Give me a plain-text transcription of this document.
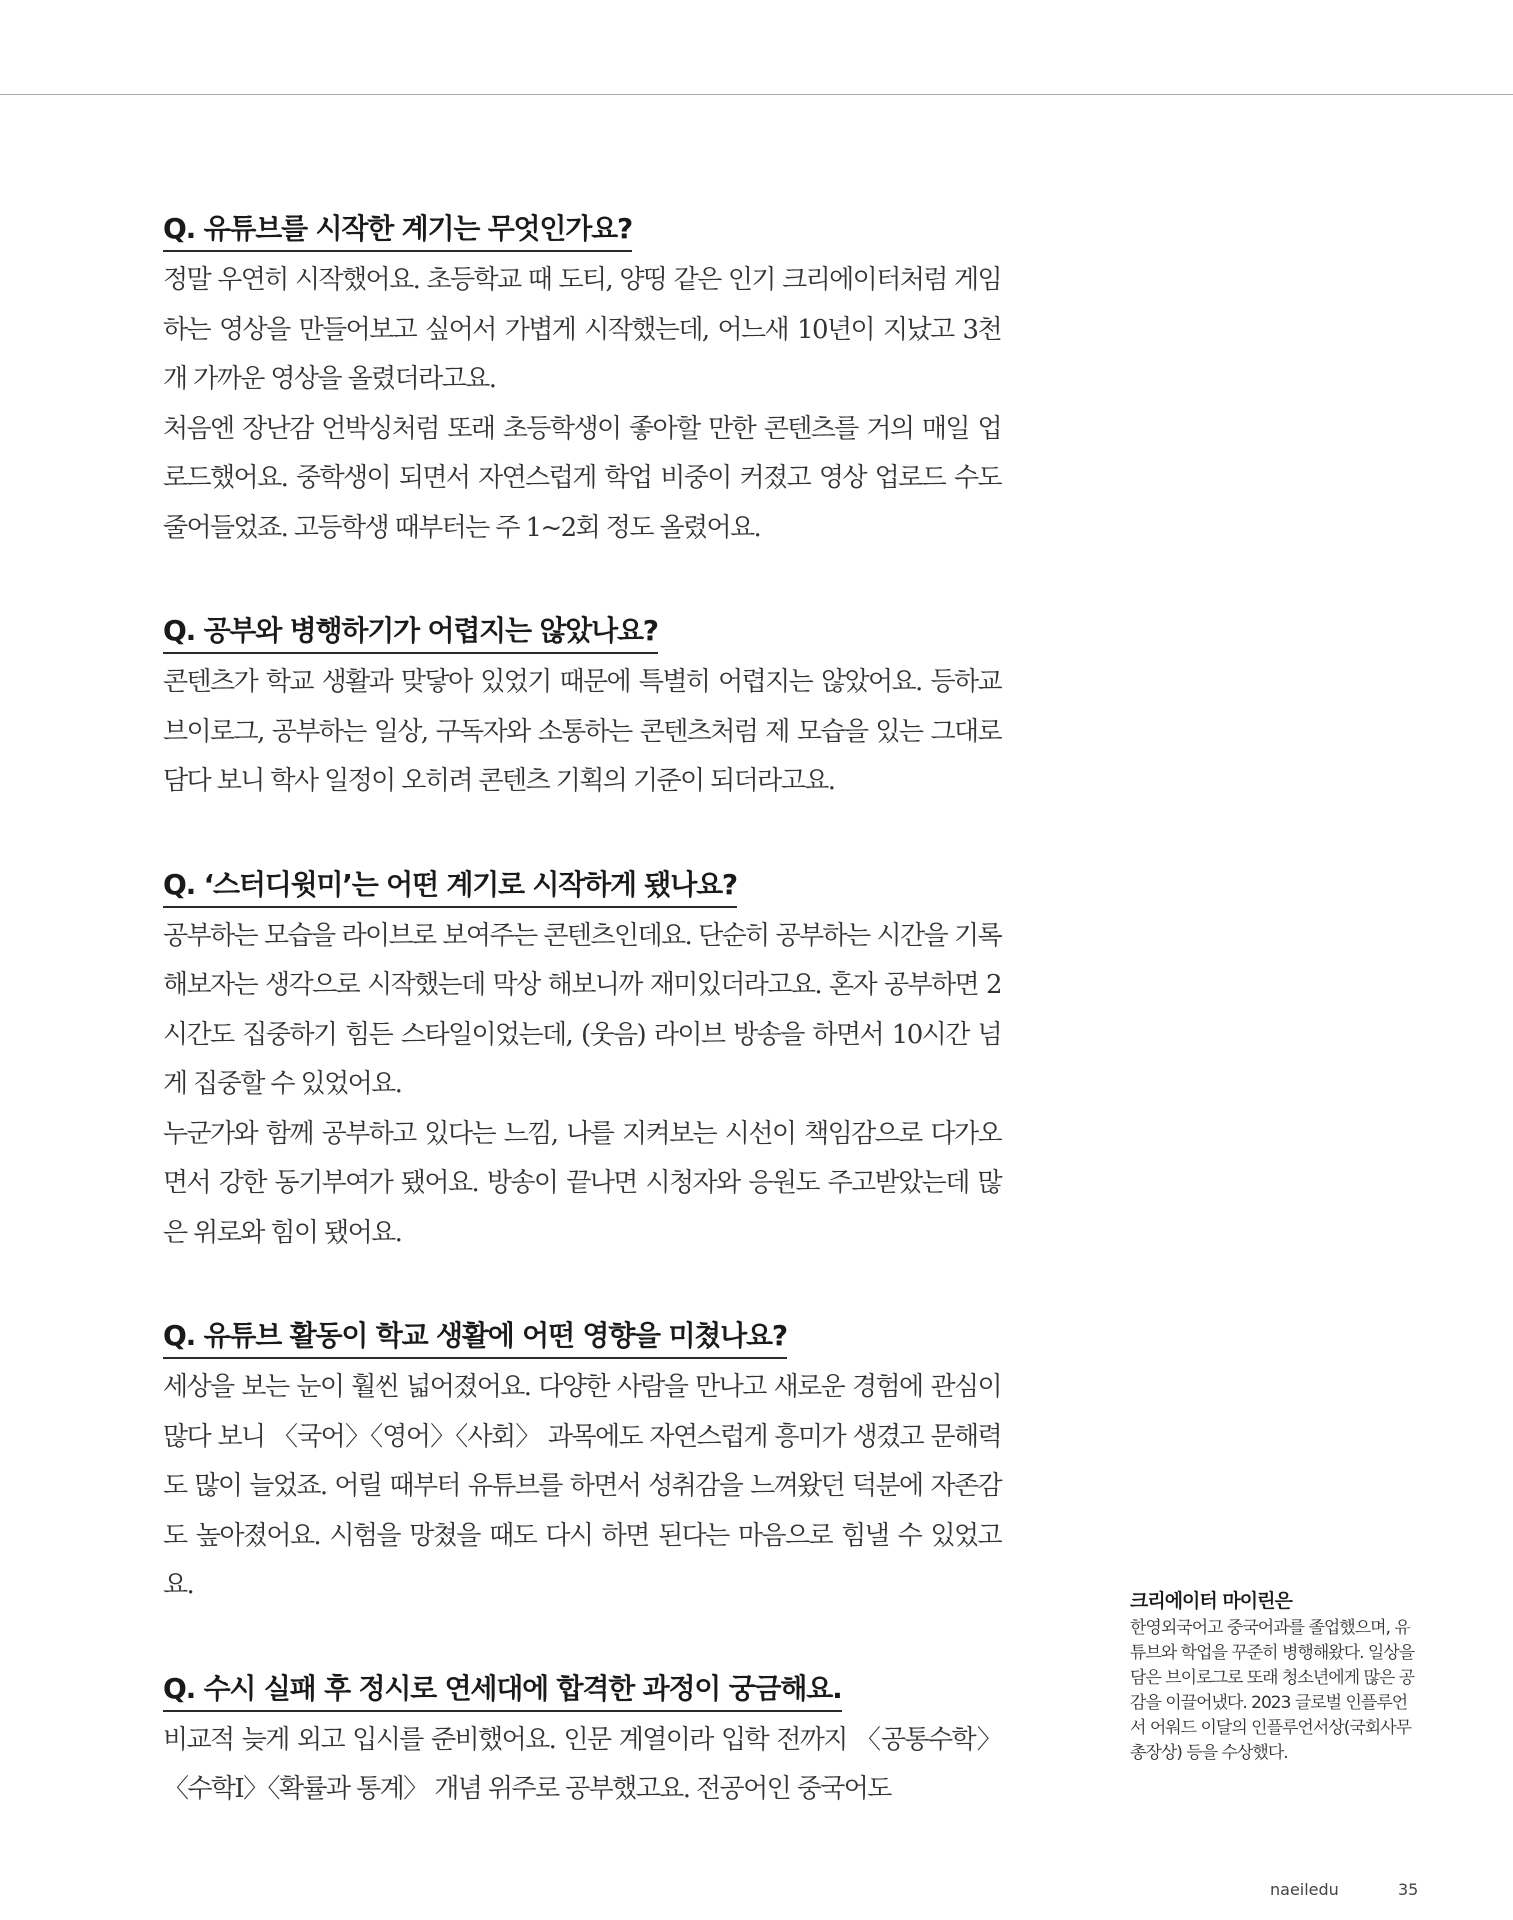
Q. 유튜브를 시작한 계기는 무엇인가요?

정말 우연히 시작했어요. 초등학교 때 도티, 양띵 같은 인기 크리에이터처럼 게임하는 영상을 만들어보고 싶어서 가볍게 시작했는데, 어느새 10년이 지났고 3천 개 가까운 영상을 올렸더라고요.

처음엔 장난감 언박싱처럼 또래 초등학생이 좋아할 만한 콘텐츠를 거의 매일 업로드했어요. 중학생이 되면서 자연스럽게 학업 비중이 커졌고 영상 업로드 수도 줄어들었죠. 고등학생 때부터는 주 1~2회 정도 올렸어요.

Q. 공부와 병행하기가 어렵지는 않았나요?

콘텐츠가 학교 생활과 맞닿아 있었기 때문에 특별히 어렵지는 않았어요. 등하교 브이로그, 공부하는 일상, 구독자와 소통하는 콘텐츠처럼 제 모습을 있는 그대로 담다 보니 학사 일정이 오히려 콘텐츠 기획의 기준이 되더라고요.

Q. ‘스터디윗미’는 어떤 계기로 시작하게 됐나요?

공부하는 모습을 라이브로 보여주는 콘텐츠인데요. 단순히 공부하는 시간을 기록해보자는 생각으로 시작했는데 막상 해보니까 재미있더라고요. 혼자 공부하면 2시간도 집중하기 힘든 스타일이었는데, (웃음) 라이브 방송을 하면서 10시간 넘게 집중할 수 있었어요.

누군가와 함께 공부하고 있다는 느낌, 나를 지켜보는 시선이 책임감으로 다가오면서 강한 동기부여가 됐어요. 방송이 끝나면 시청자와 응원도 주고받았는데 많은 위로와 힘이 됐어요.

Q. 유튜브 활동이 학교 생활에 어떤 영향을 미쳤나요?

세상을 보는 눈이 훨씬 넓어졌어요. 다양한 사람을 만나고 새로운 경험에 관심이 많다 보니 〈국어〉〈영어〉〈사회〉 과목에도 자연스럽게 흥미가 생겼고 문해력도 많이 늘었죠. 어릴 때부터 유튜브를 하면서 성취감을 느껴왔던 덕분에 자존감도 높아졌어요. 시험을 망쳤을 때도 다시 하면 된다는 마음으로 힘낼 수 있었고요.

Q. 수시 실패 후 정시로 연세대에 합격한 과정이 궁금해요.

비교적 늦게 외고 입시를 준비했어요. 인문 계열이라 입학 전까지 〈공통수학〉〈수학Ⅰ〉〈확률과 통계〉 개념 위주로 공부했고요. 전공어인 중국어도

크리에이터 마이린은

한영외국어고 중국어과를 졸업했으며, 유튜브와 학업을 꾸준히 병행해왔다. 일상을 담은 브이로그로 또래 청소년에게 많은 공감을 이끌어냈다. 2023 글로벌 인플루언서 어워드 이달의 인플루언서상(국회사무총장상) 등을 수상했다.

naeiledu	35
